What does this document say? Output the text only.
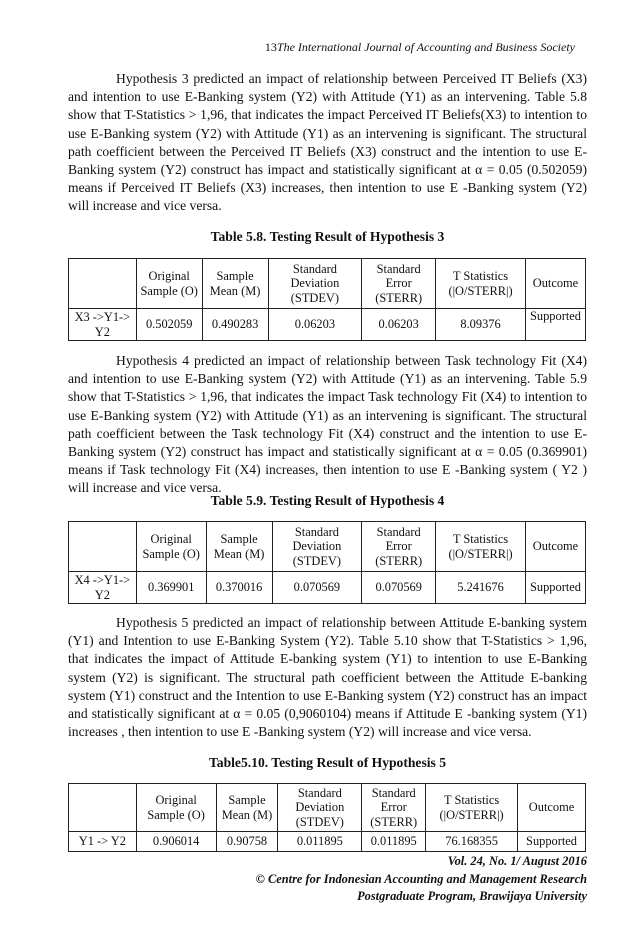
13The International Journal of Accounting and Business Society

Hypothesis 3 predicted an impact of relationship between Perceived IT Beliefs (X3) and intention to use E-Banking system (Y2) with Attitude (Y1) as an intervening. Table 5.8 show that T-Statistics > 1,96, that indicates the impact Perceived IT Beliefs(X3) to intention to use E-Banking system (Y2) with Attitude (Y1) as an intervening is significant. The structural path coefficient between the Perceived IT Beliefs (X3) construct and the intention to use E-Banking system (Y2) construct has impact and statistically significant at α = 0.05 (0.502059) means if Perceived IT Beliefs (X3) increases, then intention to use E -Banking system (Y2) will increase and vice versa.

Table 5.8. Testing Result of Hypothesis 3

	Original Sample (O)	Sample Mean (M)	Standard Deviation (STDEV)	Standard Error (STERR)	T Statistics (|O/STERR|)	Outcome
X3 ->Y1-> Y2	0.502059	0.490283	0.06203	0.06203	8.09376	Supported

Hypothesis 4 predicted an impact of relationship between Task technology Fit (X4) and intention to use E-Banking system (Y2) with Attitude (Y1) as an intervening. Table 5.9 show that T-Statistics > 1,96, that indicates the impact Task technology Fit (X4) to intention to use E-Banking system (Y2) with Attitude (Y1) as an intervening is significant. The structural path coefficient between the Task technology Fit (X4) construct and the intention to use E-Banking system (Y2) construct has impact and statistically significant at α = 0.05 (0.369901) means if Task technology Fit (X4) increases, then intention to use E -Banking system ( Y2 ) will increase and vice versa.

Table 5.9. Testing Result of Hypothesis 4

	Original Sample (O)	Sample Mean (M)	Standard Deviation (STDEV)	Standard Error (STERR)	T Statistics (|O/STERR|)	Outcome
X4 ->Y1-> Y2	0.369901	0.370016	0.070569	0.070569	5.241676	Supported

Hypothesis 5 predicted an impact of relationship between Attitude E-banking system (Y1) and Intention to use E-Banking System (Y2). Table 5.10 show that T-Statistics > 1,96, that indicates the impact of Attitude E-banking system (Y1) to intention to use E-Banking system (Y2) is significant. The structural path coefficient between the Attitude E-banking system (Y1) construct and the Intention to use E-Banking system (Y2) construct has an impact and statistically significant at α = 0.05 (0,9060104) means if Attitude E -banking system (Y1) increases , then intention to use E -Banking system (Y2) will increase and vice versa.

Table5.10. Testing Result of Hypothesis 5

	Original Sample (O)	Sample Mean (M)	Standard Deviation (STDEV)	Standard Error (STERR)	T Statistics (|O/STERR|)	Outcome
Y1 -> Y2	0.906014	0.90758	0.011895	0.011895	76.168355	Supported
Vol. 24, No. 1/ August 2016
© Centre for Indonesian Accounting and Management Research
Postgraduate Program, Brawijaya University
